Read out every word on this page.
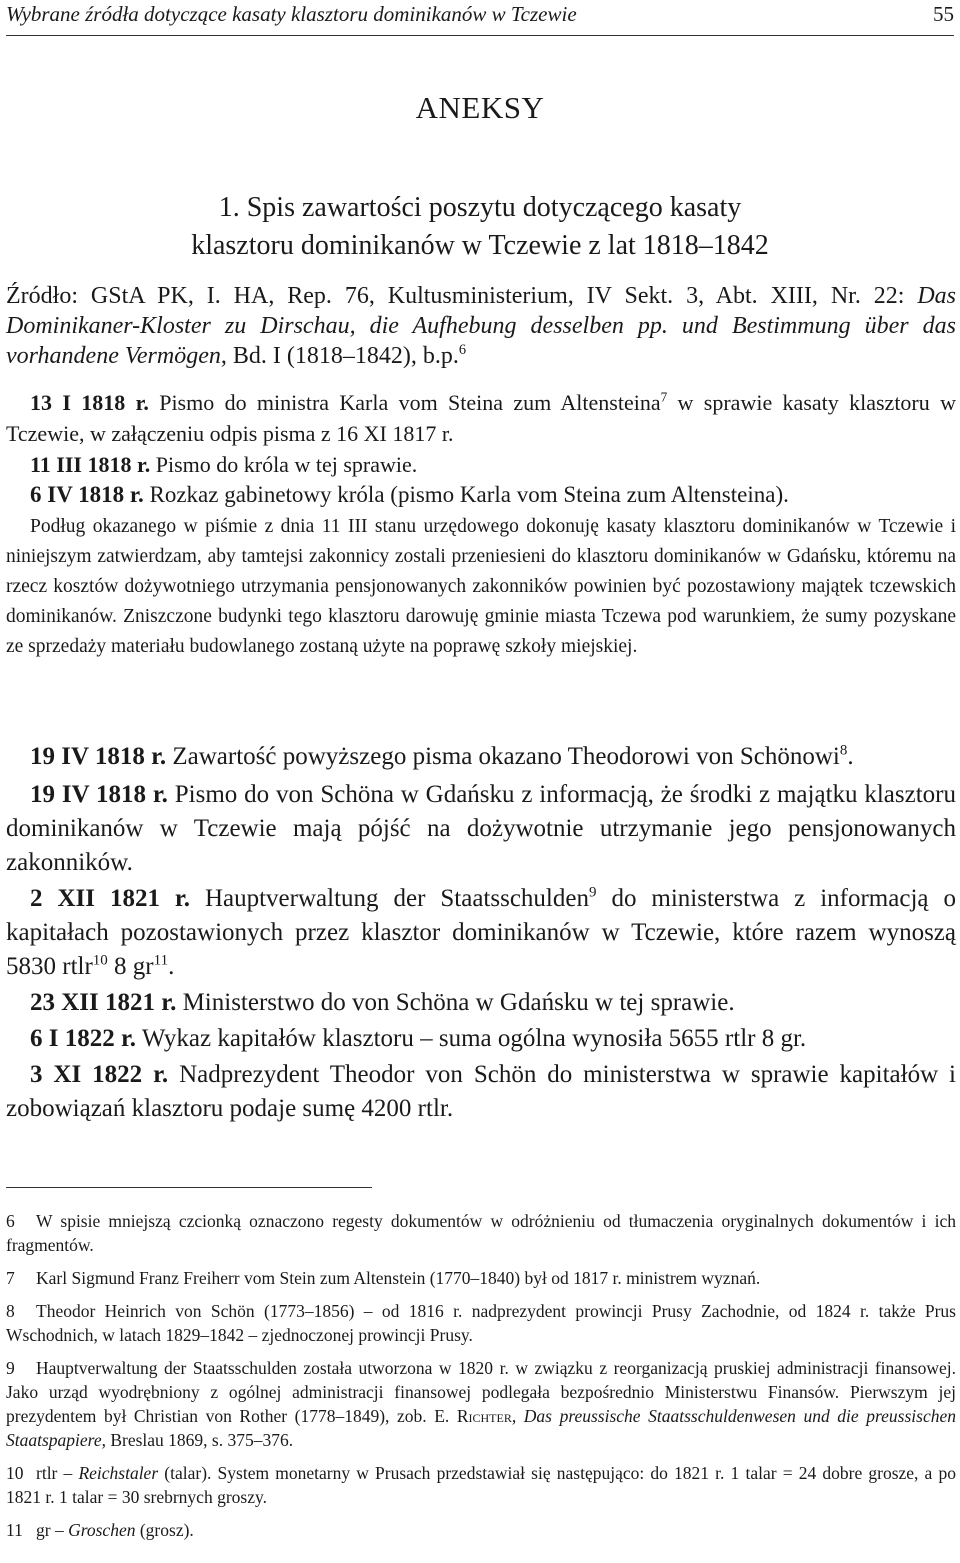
Wybrane źródła dotyczące kasaty klasztoru dominikanów w Tczewie	55
ANEKSY
1. Spis zawartości poszytu dotyczącego kasaty
klasztoru dominikanów w Tczewie z lat 1818–1842
Źródło: GStA PK, I. HA, Rep. 76, Kultusministerium, IV Sekt. 3, Abt. XIII, Nr. 22: Das Dominikaner-Kloster zu Dirschau, die Aufhebung desselben pp. und Bestimmung über das vorhandene Vermögen, Bd. I (1818–1842), b.p.$^6$

13 I 1818 r. Pismo do ministra Karla vom Steina zum Altensteina$^7$ w sprawie kasaty klasztoru w Tczewie, w załączeniu odpis pisma z 16 XI 1817 r.

11 III 1818 r. Pismo do króla w tej sprawie.

6 IV 1818 r. Rozkaz gabinetowy króla (pismo Karla vom Steina zum Altensteina).

Podług okazanego w piśmie z dnia 11 III stanu urzędowego dokonuję kasaty klasztoru dominikanów w Tczewie i niniejszym zatwierdzam, aby tamtejsi zakonnicy zostali przeniesieni do klasztoru dominikanów w Gdańsku, któremu na rzecz kosztów dożywotniego utrzymania pensjonowanych zakonników powinien być pozostawiony majątek tczewskich dominikanów. Zniszczone budynki tego klasztoru darowuję gminie miasta Tczewa pod warunkiem, że sumy pozyskane ze sprzedaży materiału budowlanego zostaną użyte na poprawę szkoły miejskiej.

19 IV 1818 r. Zawartość powyższego pisma okazano Theodorowi von Schönowi$^8$.

19 IV 1818 r. Pismo do von Schöna w Gdańsku z informacją, że środki z majątku klasztoru dominikanów w Tczewie mają pójść na dożywotnie utrzymanie jego pensjonowanych zakonników.

2 XII 1821 r. Hauptverwaltung der Staatsschulden$^9$ do ministerstwa z informacją o kapitałach pozostawionych przez klasztor dominikanów w Tczewie, które razem wynoszą 5830 rtlr$^{10}$ 8 $gr^{11}$.

23 XII 1821 r. Ministerstwo do von Schöna w Gdańsku w tej sprawie.

6 I 1822 r. Wykaz kapitałów klasztoru – suma ogólna wynosiła 5655 rtlr 8 gr.

3 XI 1822 r. Nadprezydent Theodor von Schön do ministerstwa w sprawie kapitałów i zobowiązań klasztoru podaje sumę 4200 rtlr.

6 W spisie mniejszą czcionką oznaczono regesty dokumentów w odróżnieniu od tłumaczenia oryginalnych dokumentów i ich fragmentów.

7 Karl Sigmund Franz Freiherr vom Stein zum Altenstein (1770–1840) był od 1817 r. ministrem wyznań.

8 Theodor Heinrich von Schön (1773–1856) – od 1816 r. nadprezydent prowincji Prusy Zachodnie, od 1824 r. także Prus Wschodnich, w latach 1829–1842 – zjednoczonej prowincji Prusy.

9 Hauptverwaltung der Staatsschulden została utworzona w 1820 r. w związku z reorganizacją pruskiej administracji finansowej. Jako urząd wyodrębniony z ogólnej administracji finansowej podlegała bezpośrednio Ministerstwu Finansów. Pierwszym jej prezydentem był Christian von Rother (1778–1849), zob. E. Richter, Das preussische Staatsschuldenwesen und die preussischen Staatspapiere, Breslau 1869, s. 375–376.

10 rtlr – Reichstaler (talar). System monetarny w Prusach przedstawiał się następująco: do 1821 r. 1 talar = 24 dobre grosze, a po 1821 r. 1 talar = 30 srebrnych groszy.

11 gr – Groschen (grosz).
